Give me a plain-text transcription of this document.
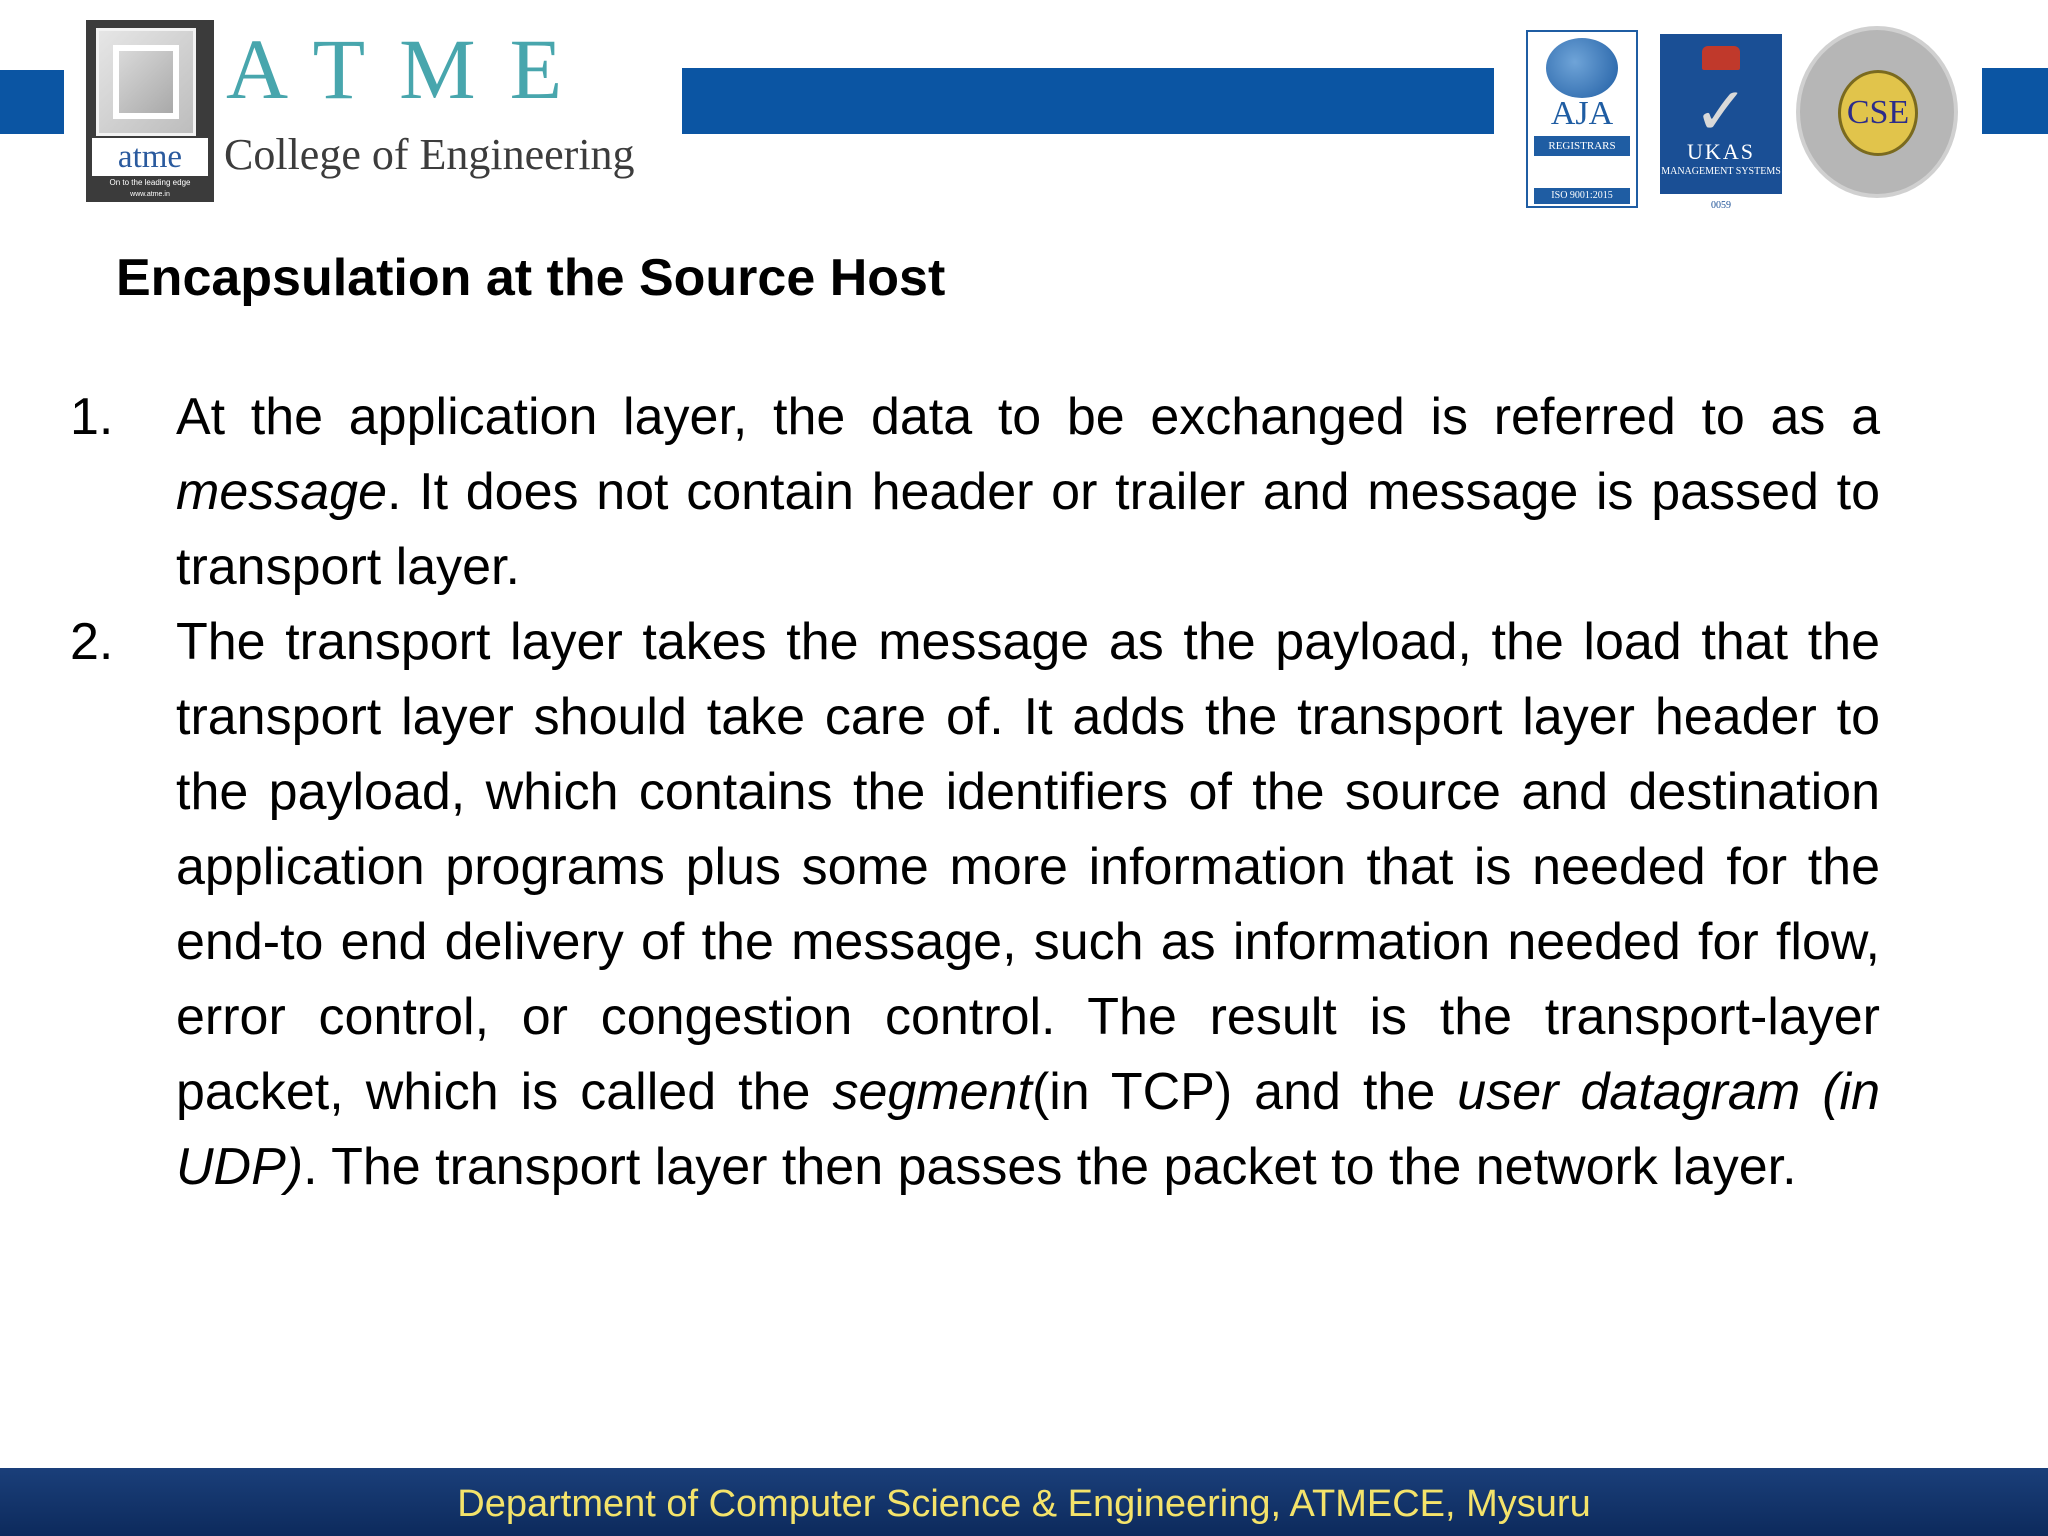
atme
On to the leading edge
www.atme.in
ATME
College of Engineering
AJA
REGISTRARS
ISO 9001:2015
✓
UKAS
MANAGEMENT SYSTEMS
0059
CSE
Encapsulation at the Source Host
1. At the application layer, the data to be exchanged is referred to as a message. It does not contain header or trailer and message is passed to transport layer.
2. The transport layer takes the message as the payload, the load that the transport layer should take care of. It adds the transport layer header to the payload, which contains the identifiers of the source and destination application programs plus some more information that is needed for the end-to end delivery of the message, such as information needed for flow, error control, or congestion control. The result is the transport-layer packet, which is called the segment(in TCP) and the user datagram (in UDP). The transport layer then passes the packet to the network layer.
Department of Computer Science & Engineering, ATMECE, Mysuru
